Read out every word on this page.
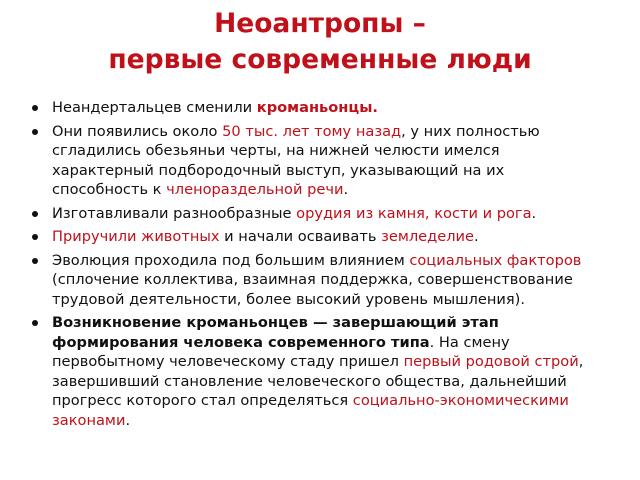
Неоантропы –
первые современные люди
Неандертальцев сменили кроманьонцы.
Они появились около 50 тыс. лет тому назад, у них полностью сгладились обезьяньи черты, на нижней челюсти имелся характерный подбородочный выступ, указывающий на их способность к членораздельной речи.
Изготавливали разнообразные орудия из камня, кости и рога.
Приручили животных и начали осваивать земледелие.
Эволюция проходила под большим влиянием социальных факторов (сплочение коллектива, взаимная поддержка, совершенствование трудовой деятельности, более высокий уровень мышления).
Возникновение кроманьонцев — завершающий этап формирования человека современного типа. На смену первобытному человеческому стаду пришел первый родовой строй, завершивший становление человеческого общества, дальнейший прогресс которого стал определяться социально-экономическими законами.
